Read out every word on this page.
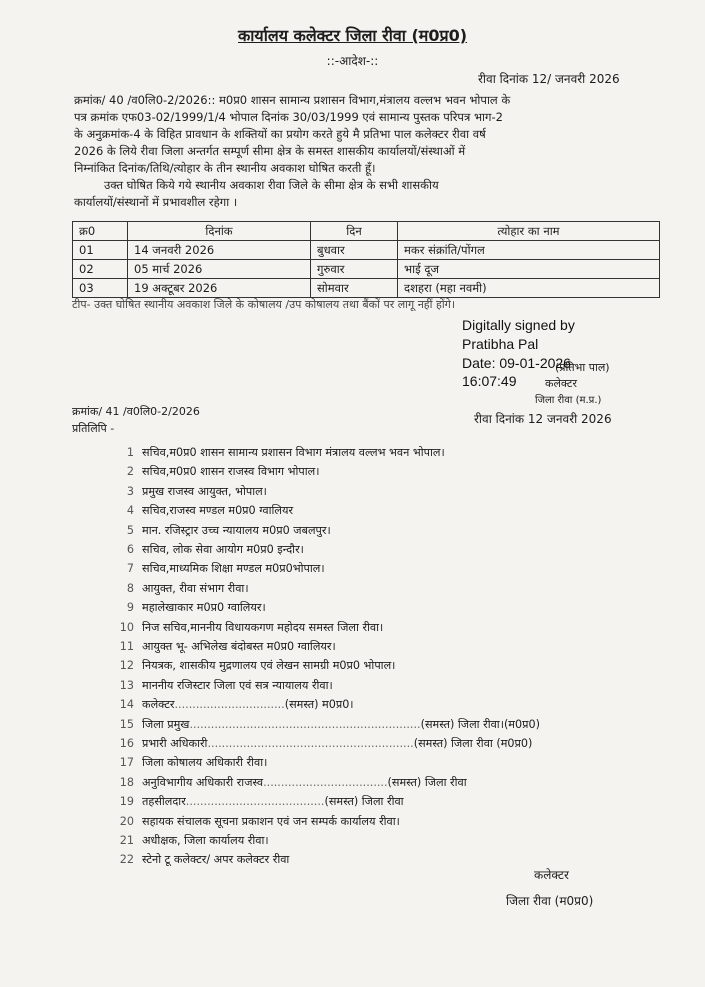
कार्यालय कलेक्टर जिला रीवा (म0प्र0)
::-आदेश-::
रीवा दिनांक 12/ जनवरी 2026
क्रमांक/ 40 /व0लि0-2/2026:: म0प्र0 शासन सामान्य प्रशासन विभाग,मंत्रालय वल्लभ भवन भोपाल के
पत्र क्रमांक एफ03-02/1999/1/4 भोपाल दिनांक 30/03/1999 एवं सामान्य पुस्तक परिपत्र भाग-2
के अनुक्रमांक-4 के विहित प्रावधान के शक्तियों का प्रयोग करते हुये मै प्रतिभा पाल कलेक्टर रीवा वर्ष
2026 के लिये रीवा जिला अन्तर्गत सम्पूर्ण सीमा क्षेत्र के समस्त शासकीय कार्यालयों/संस्थाओं में
निम्नांकित दिनांक/तिथि/त्योहार के तीन स्थानीय अवकाश घोषित करती हूँ।
उक्त घोषित किये गये स्थानीय अवकाश रीवा जिले के सीमा क्षेत्र के सभी शासकीय
कार्यालयों/संस्थानों में प्रभावशील रहेगा ।
क्र0	दिनांक	दिन	त्योहार का नाम
01	14 जनवरी 2026	बुधवार	मकर संक्रांति/पोंगल
02	05 मार्च 2026	गुरुवार	भाई दूज
03	19 अक्टूबर 2026	सोमवार	दशहरा (महा नवमी)
टीप- उक्त घोषित स्थानीय अवकाश जिले के कोषालय /उप कोषालय तथा बैंकों पर लागू नहीं होंगे।
Digitally signed by
Pratibha Pal
Date: 09-01-2026
16:07:49
(प्रतिभा पाल)
कलेक्टर
जिला रीवा (म.प्र.)
क्रमांक/ 41 /व0लि0-2/2026
रीवा दिनांक 12 जनवरी 2026
प्रतिलिपि -
1 सचिव,म0प्र0 शासन सामान्य प्रशासन विभाग मंत्रालय वल्लभ भवन भोपाल।
2 सचिव,म0प्र0 शासन राजस्व विभाग भोपाल।
3 प्रमुख राजस्व आयुक्त, भोपाल।
4 सचिव,राजस्व मण्डल म0प्र0 ग्वालियर
5 मान. रजिस्ट्रार उच्च न्यायालय म0प्र0 जबलपुर।
6 सचिव, लोक सेवा आयोग म0प्र0 इन्दौर।
7 सचिव,माध्यमिक शिक्षा मण्डल म0प्र0भोपाल।
8 आयुक्त, रीवा संभाग रीवा।
9 महालेखाकार म0प्र0 ग्वालियर।
10 निज सचिव,माननीय विधायकगण महोदय समस्त जिला रीवा।
11 आयुक्त भू- अभिलेख बंदोबस्त म0प्र0 ग्वालियर।
12 नियत्रक, शासकीय मुद्रणालय एवं लेखन सामग्री म0प्र0 भोपाल।
13 माननीय रजिस्टार जिला एवं सत्र न्यायालय रीवा।
14 कलेक्टर...............................(समस्त) म0प्र0।
15 जिला प्रमुख.................................................................(समस्त) जिला रीवा।(म0प्र0)
16 प्रभारी अधिकारी..........................................................(समस्त) जिला रीवा (म0प्र0)
17 जिला कोषालय अधिकारी रीवा।
18 अनुविभागीय अधिकारी राजस्व...................................(समस्त) जिला रीवा
19 तहसीलदार.......................................(समस्त) जिला रीवा
20 सहायक संचालक सूचना प्रकाशन एवं जन सम्पर्क कार्यालय रीवा।
21 अधीक्षक, जिला कार्यालय रीवा।
22 स्टेनो टू कलेक्टर/ अपर कलेक्टर रीवा
कलेक्टर
जिला रीवा (म0प्र0)
